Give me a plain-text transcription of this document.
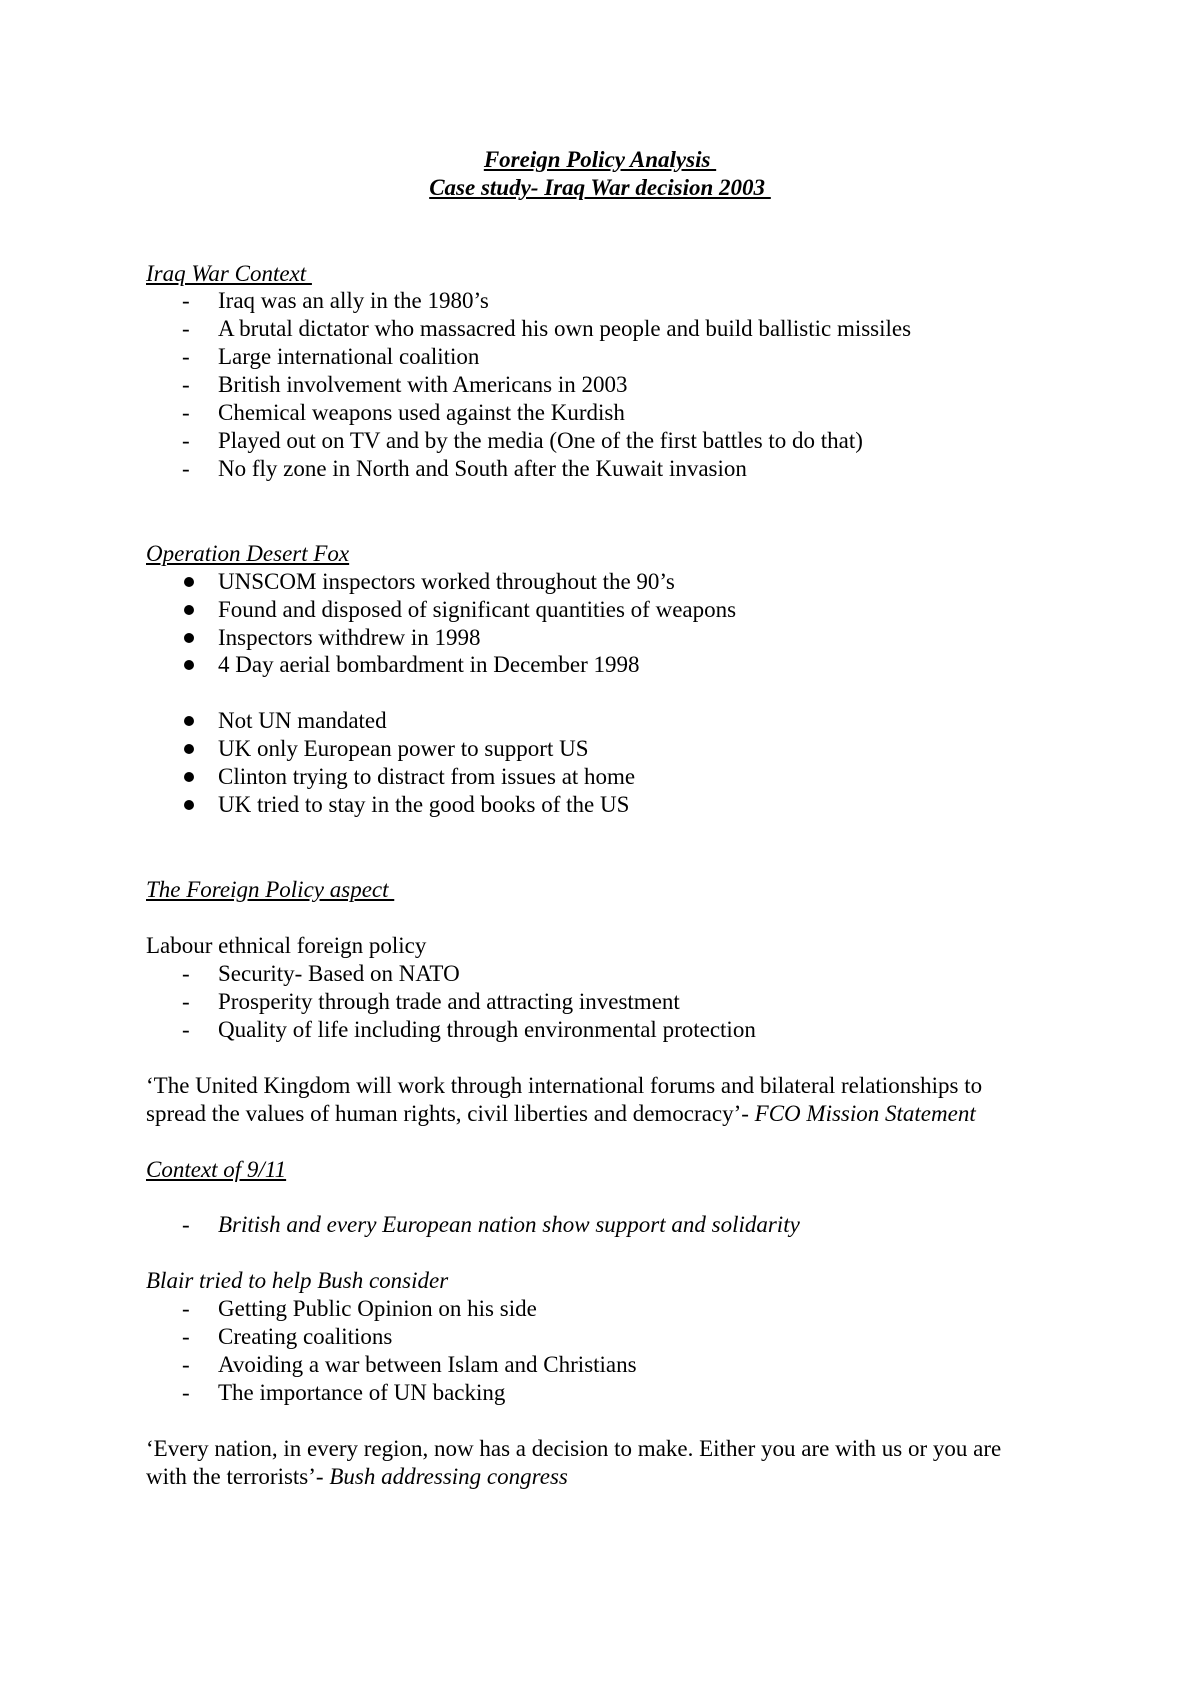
Foreign Policy Analysis
Case study- Iraq War decision 2003
Iraq War Context

-

	Iraq was an ally in the 1980’s

-

	A brutal dictator who massacred his own people and build ballistic missiles

-

	Large international coalition

-

	British involvement with Americans in 2003

-

	Chemical weapons used against the Kurdish

-

	Played out on TV and by the media (One of the first battles to do that)

-

	No fly zone in North and South after the Kuwait invasion

Operation Desert Fox

UNSCOM inspectors worked throughout the 90’s

Found and disposed of significant quantities of weapons

Inspectors withdrew in 1998

4 Day aerial bombardment in December 1998

Not UN mandated

UK only European power to support US

Clinton trying to distract from issues at home

UK tried to stay in the good books of the US

The Foreign Policy aspect
Labour ethnical foreign policy

-

	Security- Based on NATO

-

	Prosperity through trade and attracting investment

-

	Quality of life including through environmental protection

‘The United Kingdom will work through international forums and bilateral relationships to
spread the values of human rights, civil liberties and democracy’- FCO Mission Statement
Context of 9/11

-

	British and every European nation show support and solidarity

Blair tried to help Bush consider

-

	Getting Public Opinion on his side

-

	Creating coalitions

-

	Avoiding a war between Islam and Christians

-

	The importance of UN backing

‘Every nation, in every region, now has a decision to make. Either you are with us or you are
with the terrorists’- Bush addressing congress
